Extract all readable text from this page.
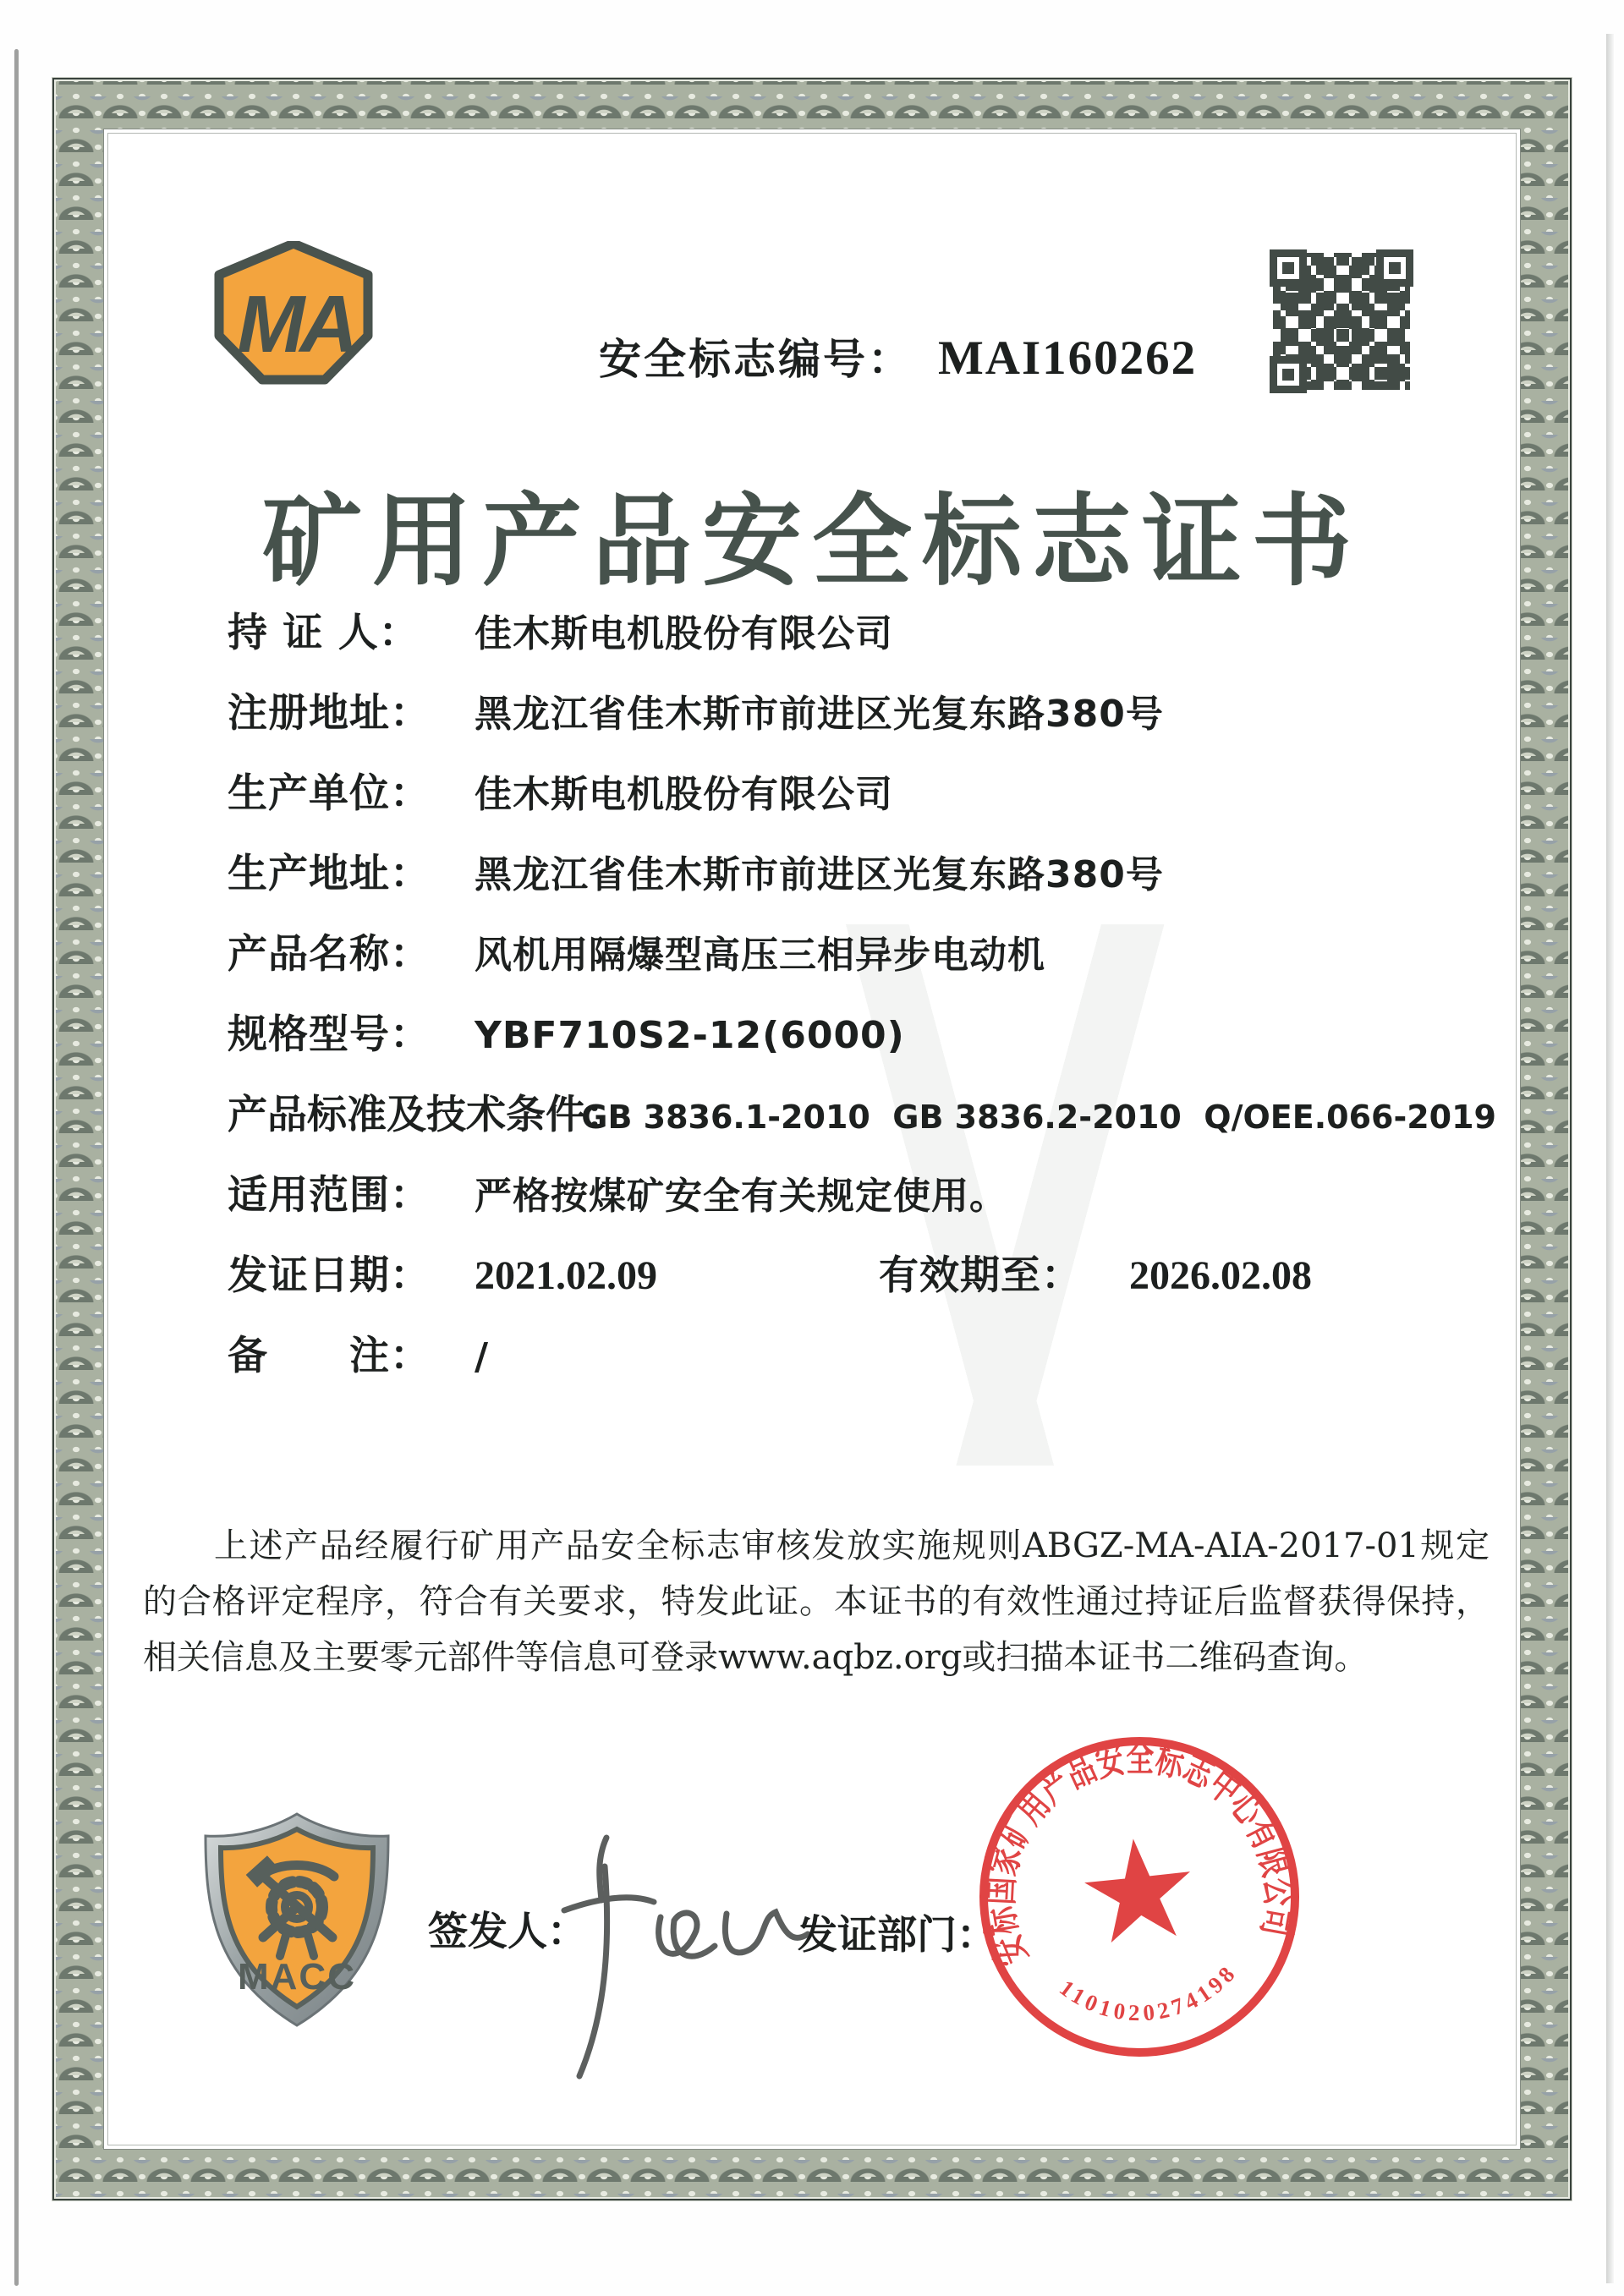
MA	安全标志编号： MAI160262
矿用产品安全标志证书
持 证 人：	佳木斯电机股份有限公司
注册地址：	黑龙江省佳木斯市前进区光复东路380号
生产单位：	佳木斯电机股份有限公司
生产地址：	黑龙江省佳木斯市前进区光复东路380号
产品名称：	风机用隔爆型高压三相异步电动机
规格型号：	YBF710S2-12(6000)
产品标准及技术条件：
GB 3836.1-2010  GB 3836.2-2010  Q/OEE.066-2019
适用范围：	严格按煤矿安全有关规定使用。
发证日期：	2021.02.09	有效期至： 2026.02.08
备　　注：	/
上述产品经履行矿用产品安全标志审核发放实施规则ABGZ-MA-AIA-2017-01规定的合格评定程序，符合有关要求，特发此证。本证书的有效性通过持证后监督获得保持，相关信息及主要零元部件等信息可登录www.aqbz.org或扫描本证书二维码查询。
MACC
签发人：	发证部门：
安标国家矿用产品安全标志中心有限公司
1101020274198
